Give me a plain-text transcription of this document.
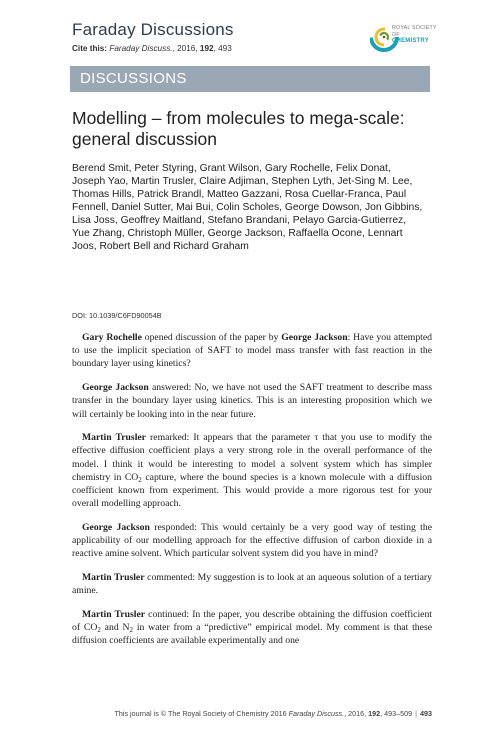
Faraday Discussions
Cite this: Faraday Discuss., 2016, 192, 493
ROYAL SOCIETY
OF
CHEMISTRY
DISCUSSIONS
Modelling – from molecules to mega-scale: general discussion
Berend Smit, Peter Styring, Grant Wilson, Gary Rochelle, Felix Donat, Joseph Yao, Martin Trusler, Claire Adjiman, Stephen Lyth, Jet-Sing M. Lee, Thomas Hills, Patrick Brandl, Matteo Gazzani, Rosa Cuellar-Franca, Paul Fennell, Daniel Sutter, Mai Bui, Colin Scholes, George Dowson, Jon Gibbins, Lisa Joss, Geoffrey Maitland, Stefano Brandani, Pelayo Garcia-Gutierrez, Yue Zhang, Christoph Müller, George Jackson, Raffaella Ocone, Lennart Joos, Robert Bell and Richard Graham
DOI: 10.1039/C6FD90054B

Gary Rochelle opened discussion of the paper by George Jackson: Have you attempted to use the implicit speciation of SAFT to model mass transfer with fast reaction in the boundary layer using kinetics?

George Jackson answered: No, we have not used the SAFT treatment to describe mass transfer in the boundary layer using kinetics. This is an interesting proposition which we will certainly be looking into in the near future.

Martin Trusler remarked: It appears that the parameter τ that you use to modify the effective diffusion coefficient plays a very strong role in the overall performance of the model. I think it would be interesting to model a solvent system which has simpler chemistry in $CO_2$ capture, where the bound species is a known molecule with a diffusion coefficient known from experiment. This would provide a more rigorous test for your overall modelling approach.

George Jackson responded: This would certainly be a very good way of testing the applicability of our modelling approach for the effective diffusion of carbon dioxide in a reactive amine solvent. Which particular solvent system did you have in mind?

Martin Trusler commented: My suggestion is to look at an aqueous solution of a tertiary amine.

Martin Trusler continued: In the paper, you describe obtaining the diffusion coefficient of $CO_2$ and $N_2$ in water from a “predictive” empirical model. My comment is that these diffusion coefficients are available experimentally and one

This journal is © The Royal Society of Chemistry 2016 Faraday Discuss., 2016, 192, 493–509 | 493
